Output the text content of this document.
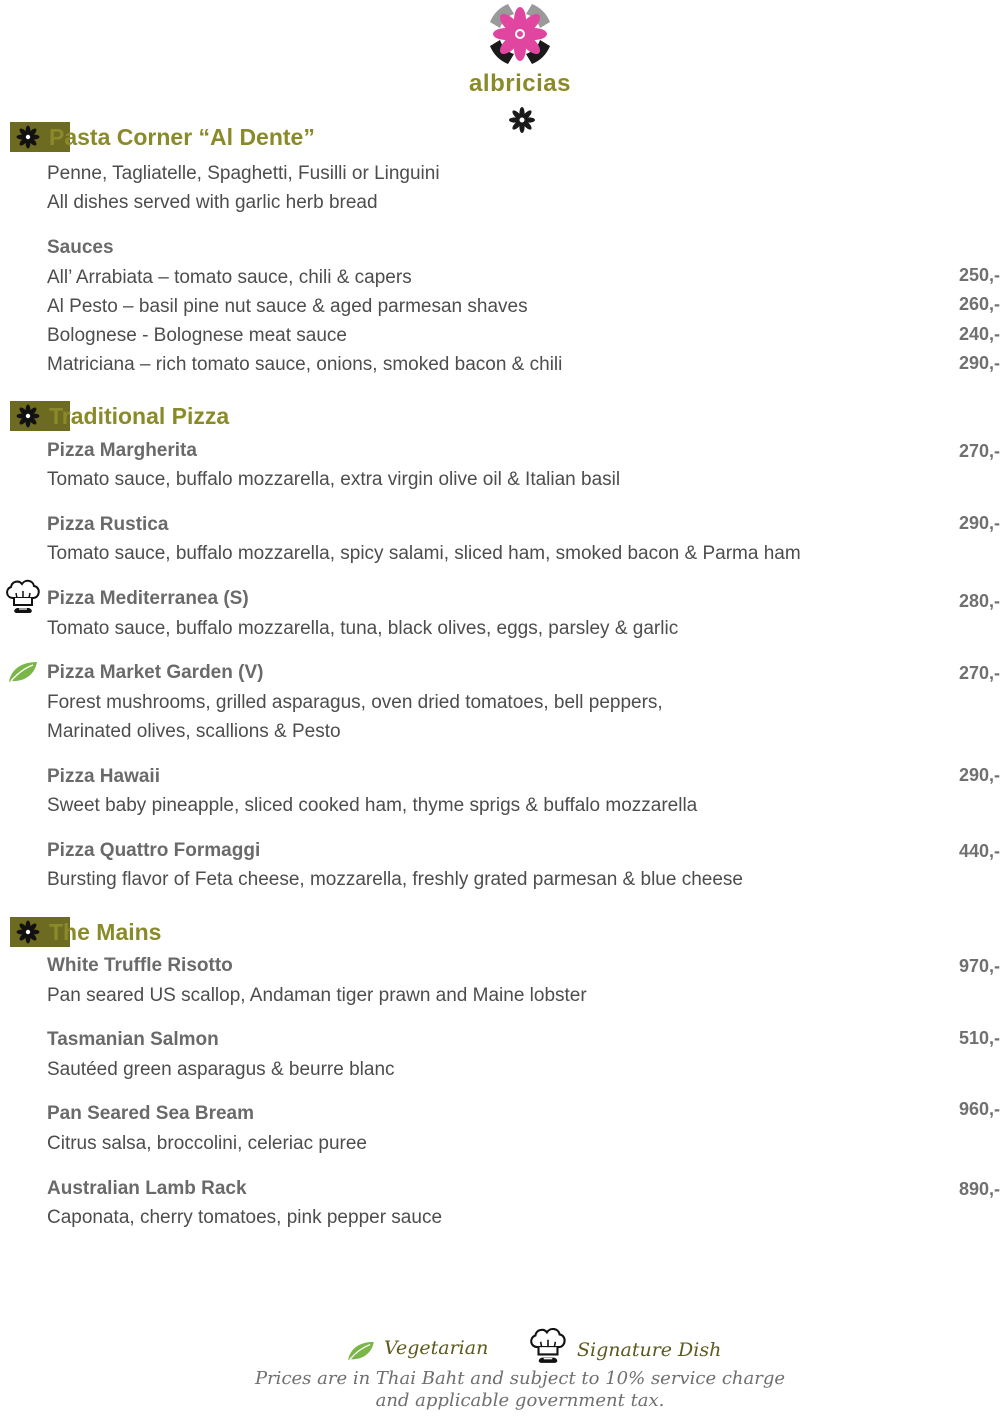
albricias
Pasta Corner “Al Dente”
Penne, Tagliatelle, Spaghetti, Fusilli or Linguini
All dishes served with garlic herb bread
Sauces
All’ Arrabiata – tomato sauce, chili & capers	250,-
Al Pesto – basil pine nut sauce & aged parmesan shaves	260,-
Bolognese - Bolognese meat sauce	240,-
Matriciana – rich tomato sauce, onions, smoked bacon & chili	290,-
Traditional Pizza
Pizza Margherita	270,-
Tomato sauce, buffalo mozzarella, extra virgin olive oil & Italian basil
Pizza Rustica	290,-
Tomato sauce, buffalo mozzarella, spicy salami, sliced ham, smoked bacon & Parma ham
Pizza Mediterranea (S)	280,-
Tomato sauce, buffalo mozzarella, tuna, black olives, eggs, parsley & garlic
Pizza Market Garden (V)	270,-
Forest mushrooms, grilled asparagus, oven dried tomatoes, bell peppers,
Marinated olives, scallions & Pesto
Pizza Hawaii	290,-
Sweet baby pineapple, sliced cooked ham, thyme sprigs & buffalo mozzarella
Pizza Quattro Formaggi	440,-
Bursting flavor of Feta cheese, mozzarella, freshly grated parmesan & blue cheese
The Mains
White Truffle Risotto	970,-
Pan seared US scallop, Andaman tiger prawn and Maine lobster
Tasmanian Salmon	510,-
Sautéed green asparagus & beurre blanc
Pan Seared Sea Bream	960,-
Citrus salsa, broccolini, celeriac puree
Australian Lamb Rack	890,-
Caponata, cherry tomatoes, pink pepper sauce
Vegetarian	Signature Dish
Prices are in Thai Baht and subject to 10% service charge
and applicable government tax.
